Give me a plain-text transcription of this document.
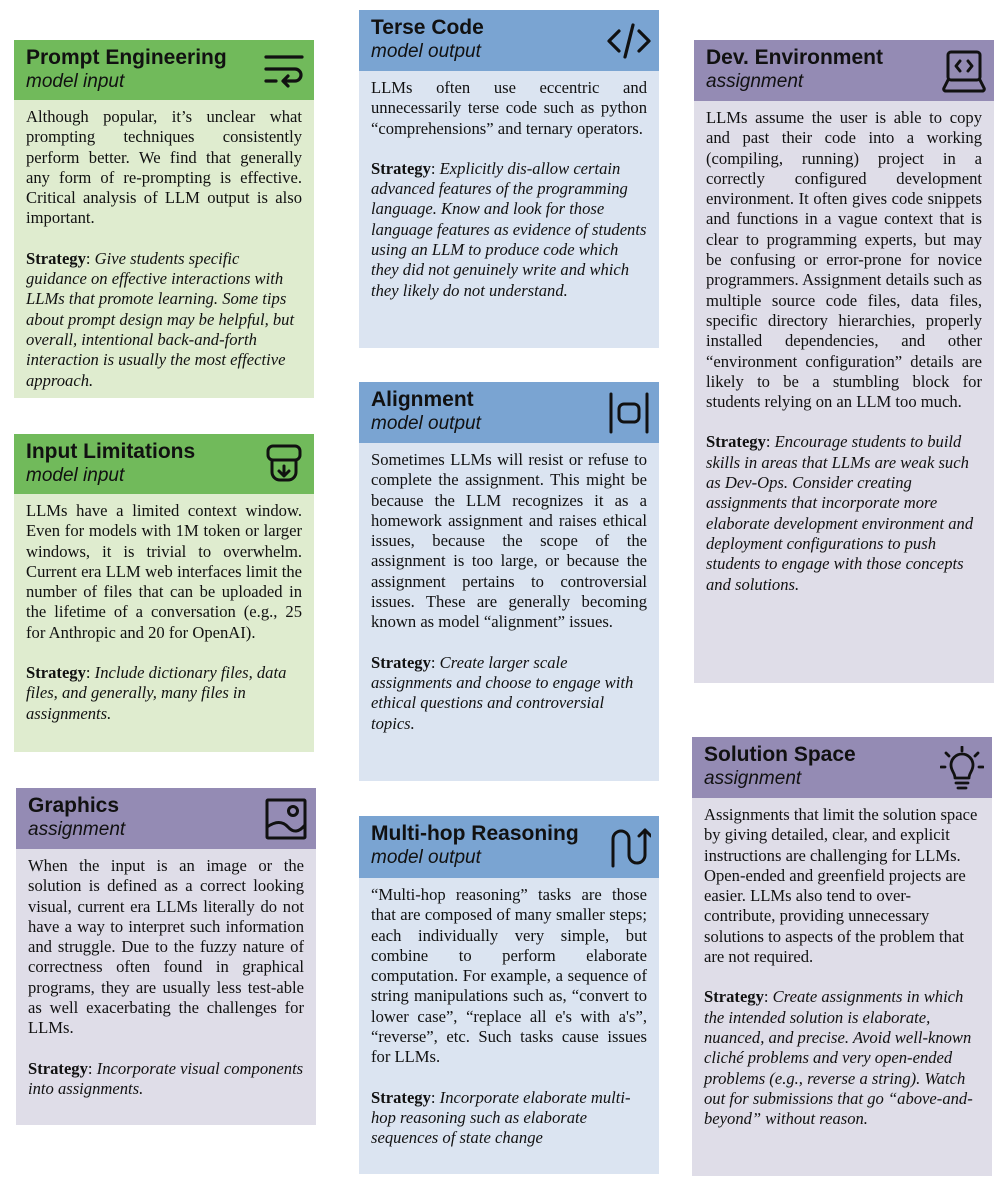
Prompt Engineering
model input

Although popular, it’s unclear what prompting techniques consistently perform better. We find that generally any form of re-prompting is effective. Critical analysis of LLM output is also important.

Strategy: Give students specific guidance on effective interactions with LLMs that promote learning. Some tips about prompt design may be helpful, but overall, intentional back-and-forth interaction is usually the most effective approach.

Input Limitations
model input

LLMs have a limited context window. Even for models with 1M token or larger windows, it is trivial to overwhelm. Current era LLM web interfaces limit the number of files that can be uploaded in the lifetime of a conversation (e.g., 25 for Anthropic and 20 for OpenAI).

Strategy: Include dictionary files, data files, and generally, many files in assignments.

Graphics
assignment

When the input is an image or the solution is defined as a correct looking visual, current era LLMs literally do not have a way to interpret such information and struggle. Due to the fuzzy nature of correctness often found in graphical programs, they are usually less test-able as well exacerbating the challenges for LLMs.

Strategy: Incorporate visual components into assignments.

Terse Code
model output

LLMs often use eccentric and unnecessarily terse code such as python “comprehensions” and ternary operators.

Strategy: Explicitly dis-allow certain advanced features of the programming language. Know and look for those language features as evidence of students using an LLM to produce code which they did not genuinely write and which they likely do not understand.

Alignment
model output

Sometimes LLMs will resist or refuse to complete the assignment. This might be because the LLM recognizes it as a homework assignment and raises ethical issues, because the scope of the assignment is too large, or because the assignment pertains to controversial issues. These are generally becoming known as model “alignment” issues.

Strategy: Create larger scale assignments and choose to engage with ethical questions and controversial topics.

Multi-hop Reasoning
model output

“Multi-hop reasoning” tasks are those that are composed of many smaller steps; each individually very simple, but combine to perform elaborate computation. For example, a sequence of string manipulations such as, “convert to lower case”, “replace all e's with a's”, “reverse”, etc. Such tasks cause issues for LLMs.

Strategy: Incorporate elaborate multi-hop reasoning such as elaborate sequences of state change

Dev. Environment
assignment

LLMs assume the user is able to copy and past their code into a working (compiling, running) project in a correctly configured development environment. It often gives code snippets and functions in a vague context that is clear to programming experts, but may be confusing or error-prone for novice programmers. Assignment details such as multiple source code files, data files, specific directory hierarchies, properly installed dependencies, and other “environment configuration” details are likely to be a stumbling block for students relying on an LLM too much.

Strategy: Encourage students to build skills in areas that LLMs are weak such as Dev-Ops. Consider creating assignments that incorporate more elaborate development environment and deployment configurations to push students to engage with those concepts and solutions.

Solution Space
assignment

Assignments that limit the solution space by giving detailed, clear, and explicit instructions are challenging for LLMs. Open-ended and greenfield projects are easier. LLMs also tend to over-contribute, providing unnecessary solutions to aspects of the problem that are not required.

Strategy: Create assignments in which the intended solution is elaborate, nuanced, and precise. Avoid well-known cliché problems and very open-ended problems (e.g., reverse a string). Watch out for submissions that go “above-and-beyond” without reason.
